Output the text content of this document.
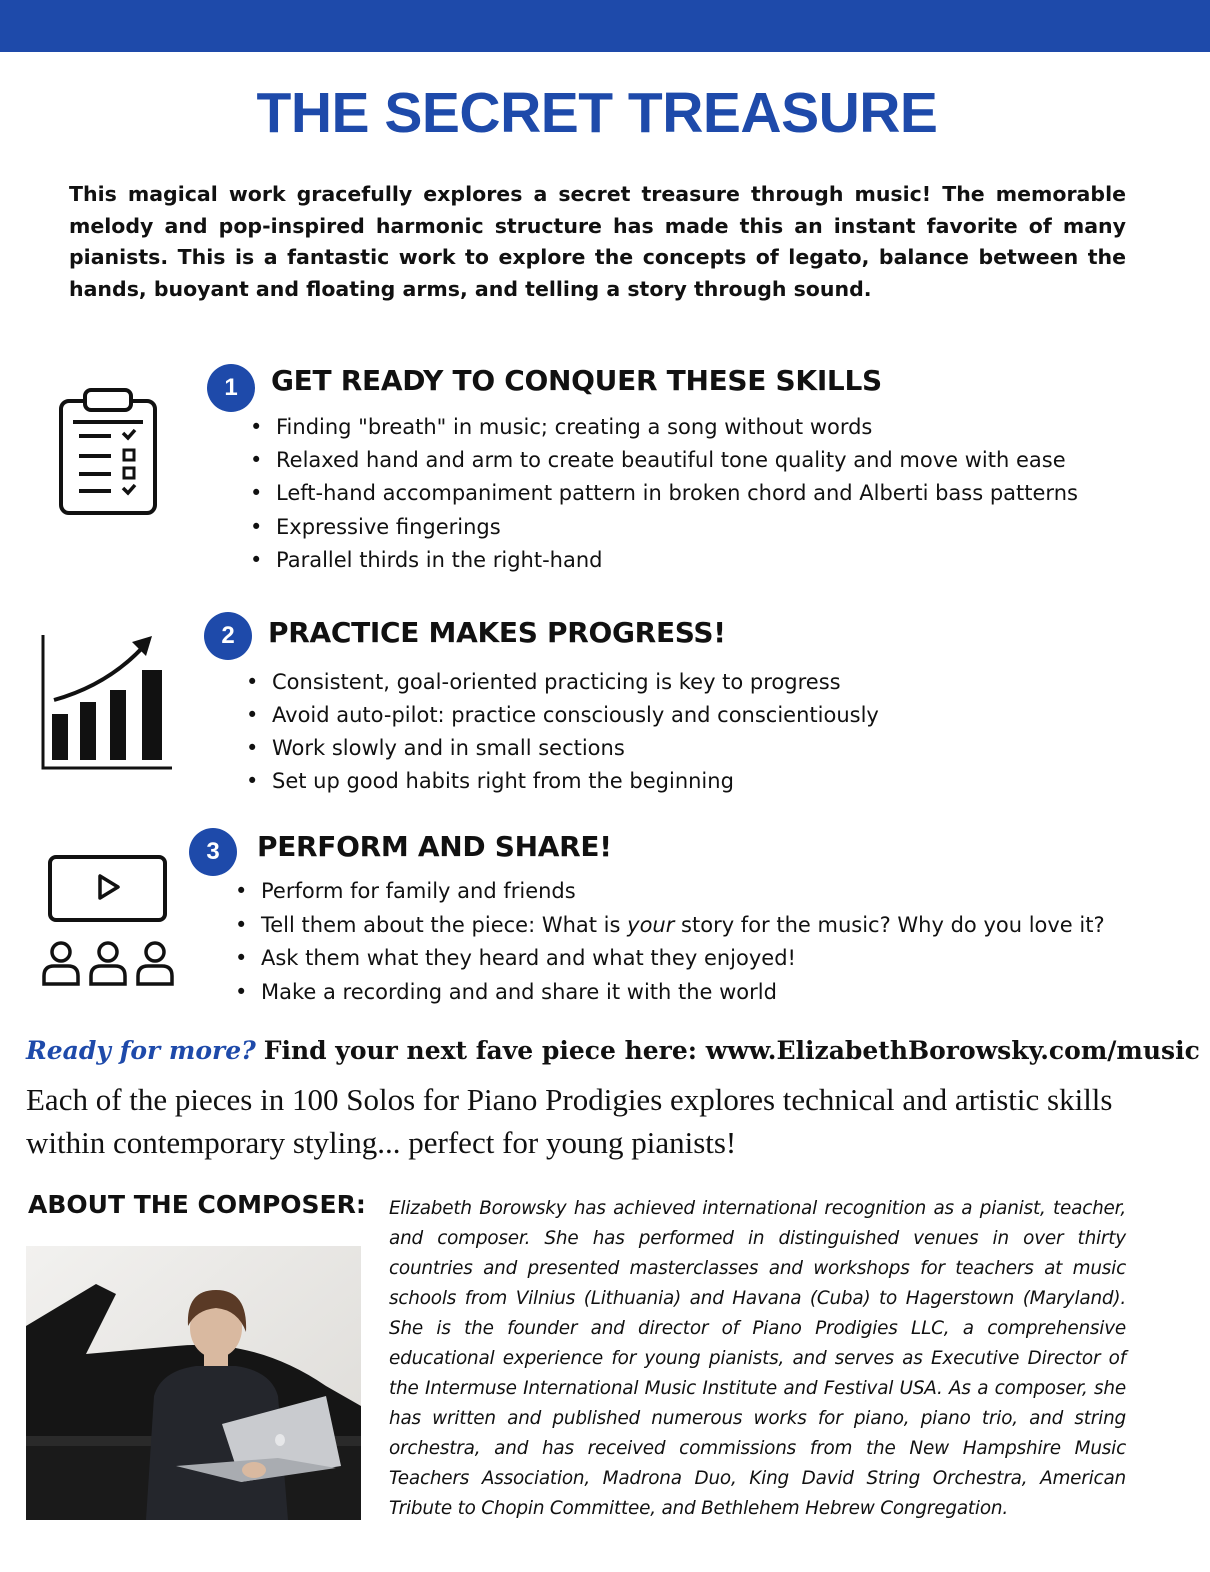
THE SECRET TREASURE

This magical work gracefully explores a secret treasure through music! The memorable melody and pop-inspired harmonic structure has made this an instant favorite of many pianists. This is a fantastic work to explore the concepts of legato, balance between the hands, buoyant and floating arms, and telling a story through sound.

1	GET READY TO CONQUER THESE SKILLS
• Finding "breath" in music; creating a song without words
• Relaxed hand and arm to create beautiful tone quality and move with ease
• Left-hand accompaniment pattern in broken chord and Alberti bass patterns
• Expressive fingerings
• Parallel thirds in the right-hand
2	PRACTICE MAKES PROGRESS!
• Consistent, goal-oriented practicing is key to progress
• Avoid auto-pilot: practice consciously and conscientiously
• Work slowly and in small sections
• Set up good habits right from the beginning
3	PERFORM AND SHARE!
• Perform for family and friends
• Tell them about the piece: What is your story for the music? Why do you love it?
• Ask them what they heard and what they enjoyed!
• Make a recording and and share it with the world

Ready for more? Find your next fave piece here: www.ElizabethBorowsky.com/music

Each of the pieces in 100 Solos for Piano Prodigies explores technical and artistic skills within contemporary styling... perfect for young pianists!

ABOUT THE COMPOSER: Elizabeth Borowsky has achieved international recognition as a pianist, teacher, and composer. She has performed in distinguished venues in over thirty countries and presented masterclasses and workshops for teachers at music schools from Vilnius (Lithuania) and Havana (Cuba) to Hagerstown (Maryland). She is the founder and director of Piano Prodigies LLC, a comprehensive educational experience for young pianists, and serves as Executive Director of the Intermuse International Music Institute and Festival USA. As a composer, she has written and published numerous works for piano, piano trio, and string orchestra, and has received commissions from the New Hampshire Music Teachers Association, Madrona Duo, King David String Orchestra, American Tribute to Chopin Committee, and Bethlehem Hebrew Congregation.
